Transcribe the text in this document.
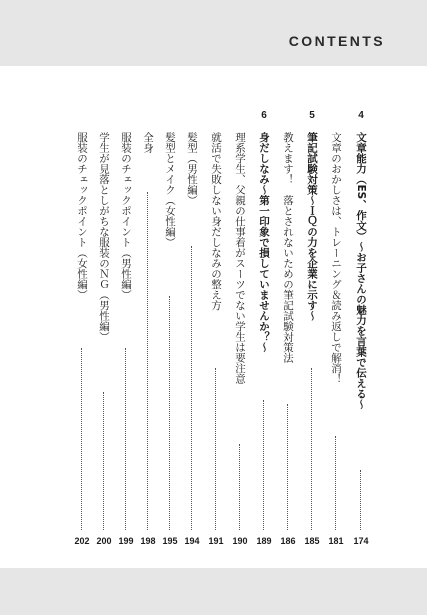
CONTENTS
4
文章能力（ES、作文）～お子さんの魅力を言葉で伝える～
174
文章のおかしさは、トレーニング＆読み返しで解消！
181
5
筆記試験対策～ＩＱの力を企業に示す～
185
教えます！　落とされないための筆記試験対策法
186
6
身だしなみ～第一印象で損していませんか？～
189
理系学生、父親の仕事着がスーツでない学生は要注意
190
就活で失敗しない身だしなみの整え方
191
髪型（男性編）
194
髪型とメイク（女性編）
195
全身
198
服装のチェックポイント（男性編）
199
学生が見落としがちな服装のＮＧ（男性編）
200
服装のチェックポイント（女性編）
202
